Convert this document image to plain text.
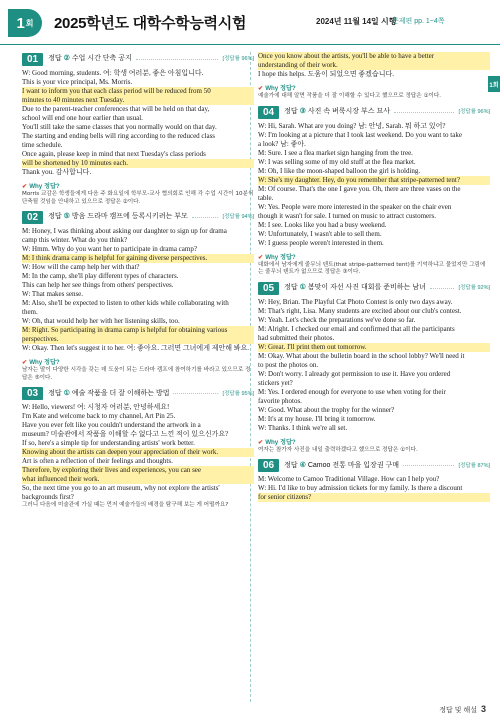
1 회 2025학년도 대학수학능력시험	2024년 11월 14일 시행
문제편 pp. 1~4쪽
1회
01	정답 ② 수업 시간 단축 공지	[정답률 96%]

W: Good morning, students. 여: 학생 여러분, 좋은 아침입니다.

This is your vice principal, Ms. Morris.

I want to inform you that each class period will be reduced from 50

minutes to 40 minutes next Tuesday.

Due to the parent-teacher conferences that will be held on that day,

school will end one hour earlier than usual.

You'll still take the same classes that you normally would on that day.

The starting and ending bells will ring according to the reduced class

time schedule.

Once again, please keep in mind that next Tuesday's class periods

will be shortened by 10 minutes each.

Thank you. 감사합니다.

✔ Why 정답?

Morris 교감은 학생들에게 다음 주 화요일에 학부모-교사 협의회로 인해 각 수업 시간이 10분씩 단축될 것임을 안내하고 있으므로 정답은 ②이다.

02	정답 ⑤ 방음 드라마 캠프에 등록시키려는 부모	[정답률 94%]

M: Honey, I was thinking about asking our daughter to sign up for drama

camp this winter. What do you think?

W: Hmm. Why do you want her to participate in drama camp?

M: I think drama camp is helpful for gaining diverse perspectives.

W: How will the camp help her with that?

M: In the camp, she'll play different types of characters.

This can help her see things from others' perspectives.

W: That makes sense.

M: Also, she'll be expected to listen to other kids while collaborating with

them.

W: Oh, that would help her with her listening skills, too.

M: Right. So participating in drama camp is helpful for obtaining various

perspectives.

W: Okay. Then let's suggest it to her. 여: 좋아요. 그러면 그녀에게 제안해 봐요.

✔ Why 정답?

남자는 딸이 다양한 시각을 갖는 데 도움이 되는 드라마 캠프에 참여하기를 바라고 있으므로 정답은 ⑤이다.

03	정답 ① 예술 작품을 더 잘 이해하는 방법	[정답률 95%]

W: Hello, viewers! 여: 시청자 여러분, 안녕하세요!

I'm Kate and welcome back to my channel, Art Pin 25.

Have you ever felt like you couldn't understand the artwork in a

museum? 미술관에서 작품을 이해할 수 없다고 느낀 적이 있으신가요?

If so, here's a simple tip for understanding artists' work better.

Knowing about the artists can deepen your appreciation of their work.

Art is often a reflection of their feelings and thoughts.

Therefore, by exploring their lives and experiences, you can see

what influenced their work.

So, the next time you go to an art museum, why not explore the artists'

backgrounds first?

그러니 다음에 미술관에 가실 때는 먼저 예술가들의 배경을 탐구해 보는 게 어떨까요?

Once you know about the artists, you'll be able to have a better

understanding of their work.

I hope this helps. 도움이 되었으면 좋겠습니다.

✔ Why 정답?

예술가에 대해 알면 작품을 더 잘 이해할 수 있다고 했으므로 정답은 ①이다.

04	정답 ③ 사진 속 벼룩시장 부스 묘사	[정답률 96%]

W: Hi, Sarah. What are you doing? 남: 안녕, Sarah. 뭐 하고 있어?

W: I'm looking at a picture that I took last weekend. Do you want to take

a look? 남: 좋아.

M: Sure. I see a flea market sign hanging from the tree.

W: I was selling some of my old stuff at the flea market.

M: Oh, I like the moon-shaped balloon the girl is holding.

W: She's my daughter. Hey, do you remember that stripe-patterned tent?

M: Of course. That's the one I gave you. Oh, there are three vases on the

table.

W: Yes. People were more interested in the speaker on the chair even

though it wasn't for sale. I turned on music to attract customers.

M: I see. Looks like you had a busy weekend.

W: Unfortunately, I wasn't able to sell them.

W: I guess people weren't interested in them.

✔ Why 정답?

대화에서 남자에게 줄무늬 텐트(that stripe-patterned tent)를 기억하냐고 물었지만 그림에는 줄무늬 텐트가 없으므로 정답은 ③이다.

05	정답 ① 봄맞이 자선 사진 대회를 준비하는 남녀	[정답률 92%]

W: Hey, Brian. The Playful Cat Photo Contest is only two days away.

M: That's right, Lisa. Many students are excited about our club's contest.

W: Yeah. Let's check the preparations we've done so far.

M: Alright. I checked our email and confirmed that all the participants

had submitted their photos.

W: Great. I'll print them out tomorrow.

M: Okay. What about the bulletin board in the school lobby? We'll need it

to post the photos on.

W: Don't worry. I already got permission to use it. Have you ordered

stickers yet?

M: Yes. I ordered enough for everyone to use when voting for their

favorite photos.

W: Good. What about the trophy for the winner?

M: It's at my house. I'll bring it tomorrow.

W: Thanks. I think we're all set.

✔ Why 정답?

여자는 참가자 사진을 내일 출력하겠다고 했으므로 정답은 ①이다.

06	정답 ④ Camoo 전통 마을 입장권 구매	[정답률 87%]

M: Welcome to Camoo Traditional Village. How can I help you?

W: Hi. I'd like to buy admission tickets for my family. Is there a discount

for senior citizens?

정답 및 해설 3
